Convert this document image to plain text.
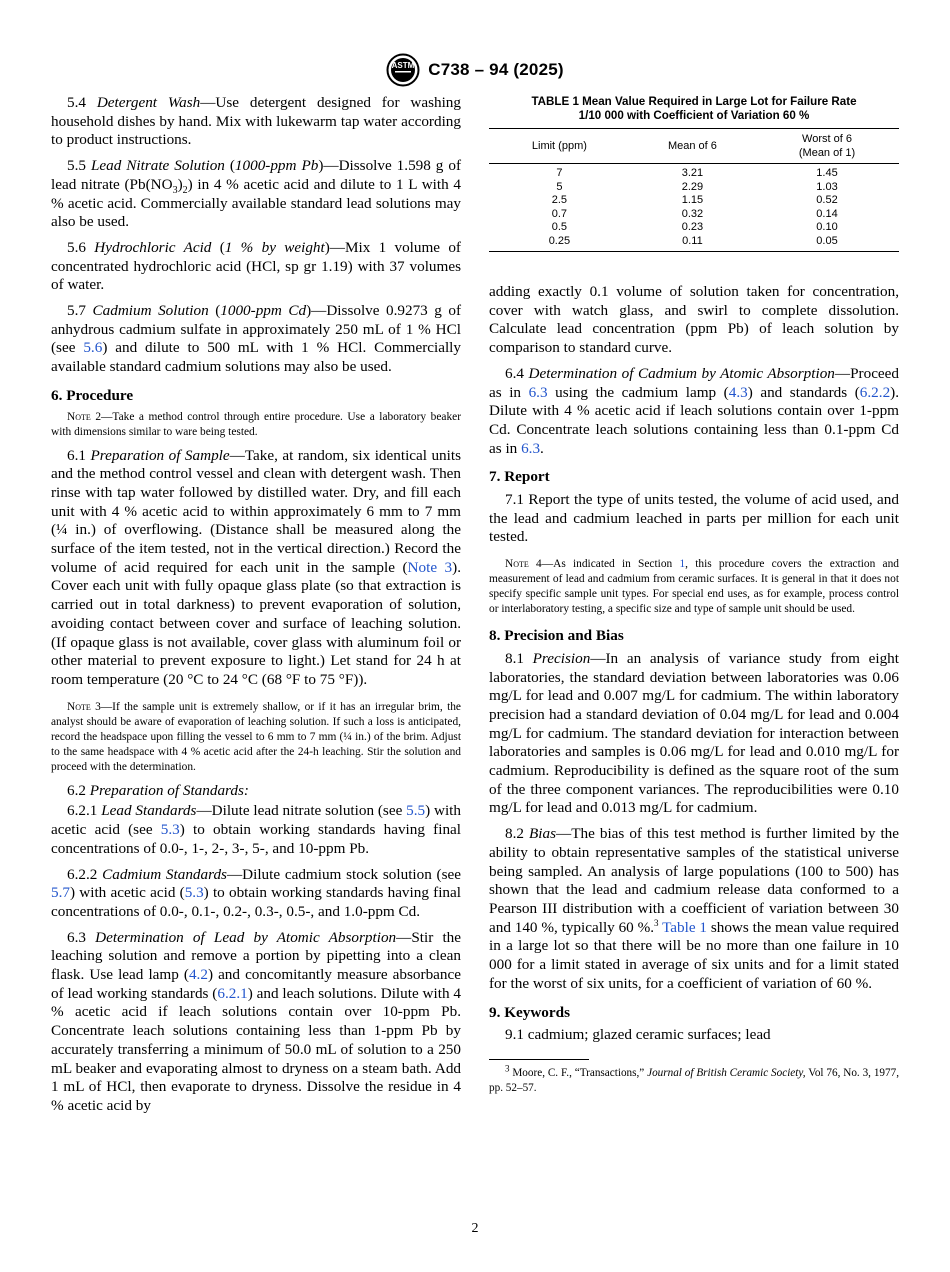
ASTM C738 – 94 (2025)

5.4 Detergent Wash—Use detergent designed for washing household dishes by hand. Mix with lukewarm tap water according to product instructions.

5.5 Lead Nitrate Solution (1000-ppm Pb)—Dissolve 1.598 g of lead nitrate $(Pb(NO_3)_2)$ in 4 % acetic acid and dilute to 1 L with 4 % acetic acid. Commercially available standard lead solutions may also be used.

5.6 Hydrochloric Acid (1 % by weight)—Mix 1 volume of concentrated hydrochloric acid (HCl, sp gr 1.19) with 37 volumes of water.

5.7 Cadmium Solution (1000-ppm Cd)—Dissolve 0.9273 g of anhydrous cadmium sulfate in approximately 250 mL of 1 % HCl (see 5.6) and dilute to 500 mL with 1 % HCl. Commercially available standard cadmium solutions may also be used.

6. Procedure

Note 2—Take a method control through entire procedure. Use a laboratory beaker with dimensions similar to ware being tested.

6.1 Preparation of Sample—Take, at random, six identical units and the method control vessel and clean with detergent wash. Then rinse with tap water followed by distilled water. Dry, and fill each unit with 4 % acetic acid to within approximately 6 mm to 7 mm (¼ in.) of overflowing. (Distance shall be measured along the surface of the item tested, not in the vertical direction.) Record the volume of acid required for each unit in the sample (Note 3). Cover each unit with fully opaque glass plate (so that extraction is carried out in total darkness) to prevent evaporation of solution, avoiding contact between cover and surface of leaching solution. (If opaque glass is not available, cover glass with aluminum foil or other material to prevent exposure to light.) Let stand for 24 h at room temperature (20 °C to 24 °C (68 °F to 75 °F)).

Note 3—If the sample unit is extremely shallow, or if it has an irregular brim, the analyst should be aware of evaporation of leaching solution. If such a loss is anticipated, record the headspace upon filling the vessel to 6 mm to 7 mm (¼ in.) of the brim. Adjust to the same headspace with 4 % acetic acid after the 24-h leaching. Stir the solution and proceed with the determination.

6.2 Preparation of Standards:

6.2.1 Lead Standards—Dilute lead nitrate solution (see 5.5) with acetic acid (see 5.3) to obtain working standards having final concentrations of 0.0-, 1-, 2-, 3-, 5-, and 10-ppm Pb.

6.2.2 Cadmium Standards—Dilute cadmium stock solution (see 5.7) with acetic acid (5.3) to obtain working standards having final concentrations of 0.0-, 0.1-, 0.2-, 0.3-, 0.5-, and 1.0-ppm Cd.

6.3 Determination of Lead by Atomic Absorption—Stir the leaching solution and remove a portion by pipetting into a clean flask. Use lead lamp (4.2) and concomitantly measure absorbance of lead working standards (6.2.1) and leach solutions. Dilute with 4 % acetic acid if leach solutions contain over 10-ppm Pb. Concentrate leach solutions containing less than 1-ppm Pb by accurately transferring a minimum of 50.0 mL of solution to a 250 mL beaker and evaporating almost to dryness on a steam bath. Add 1 mL of HCl, then evaporate to dryness. Dissolve the residue in 4 % acetic acid by

TABLE 1 Mean Value Required in Large Lot for Failure Rate
1/10 000 with Coefficient of Variation 60 %
Limit (ppm)	Mean of 6	Worst of 6
(Mean of 1)
7	3.21	1.45
5	2.29	1.03
2.5	1.15	0.52
0.7	0.32	0.14
0.5	0.23	0.10
0.25	0.11	0.05

adding exactly 0.1 volume of solution taken for concentration, cover with watch glass, and swirl to complete dissolution. Calculate lead concentration (ppm Pb) of leach solution by comparison to standard curve.

6.4 Determination of Cadmium by Atomic Absorption—Proceed as in 6.3 using the cadmium lamp (4.3) and standards (6.2.2). Dilute with 4 % acetic acid if leach solutions contain over 1-ppm Cd. Concentrate leach solutions containing less than 0.1-ppm Cd as in 6.3.

7. Report

7.1 Report the type of units tested, the volume of acid used, and the lead and cadmium leached in parts per million for each unit tested.

Note 4—As indicated in Section 1, this procedure covers the extraction and measurement of lead and cadmium from ceramic surfaces. It is general in that it does not specify specific sample unit types. For special end uses, as for example, process control or interlaboratory testing, a specific size and type of sample unit should be used.

8. Precision and Bias

8.1 Precision—In an analysis of variance study from eight laboratories, the standard deviation between laboratories was 0.06 mg/L for lead and 0.007 mg/L for cadmium. The within laboratory precision had a standard deviation of 0.04 mg/L for lead and 0.004 mg/L for cadmium. The standard deviation for interaction between laboratories and samples is 0.06 mg/L for lead and 0.010 mg/L for cadmium. Reproducibility is defined as the square root of the sum of the three component variances. The reproducibilities were 0.10 mg/L for lead and 0.013 mg/L for cadmium.

8.2 Bias—The bias of this test method is further limited by the ability to obtain representative samples of the statistical universe being sampled. An analysis of large populations (100 to 500) has shown that the lead and cadmium release data conformed to a Pearson III distribution with a coefficient of variation between 30 and 140 %, typically 60 %.$^3$ Table 1 shows the mean value required in a large lot so that there will be no more than one failure in 10 000 for a limit stated in average of six units and for a limit stated for the worst of six units, for a coefficient of variation of 60 %.

9. Keywords

9.1 cadmium; glazed ceramic surfaces; lead

$^3$ Moore, C. F., “Transactions,” Journal of British Ceramic Society, Vol 76, No. 3, 1977, pp. 52–57.

2
